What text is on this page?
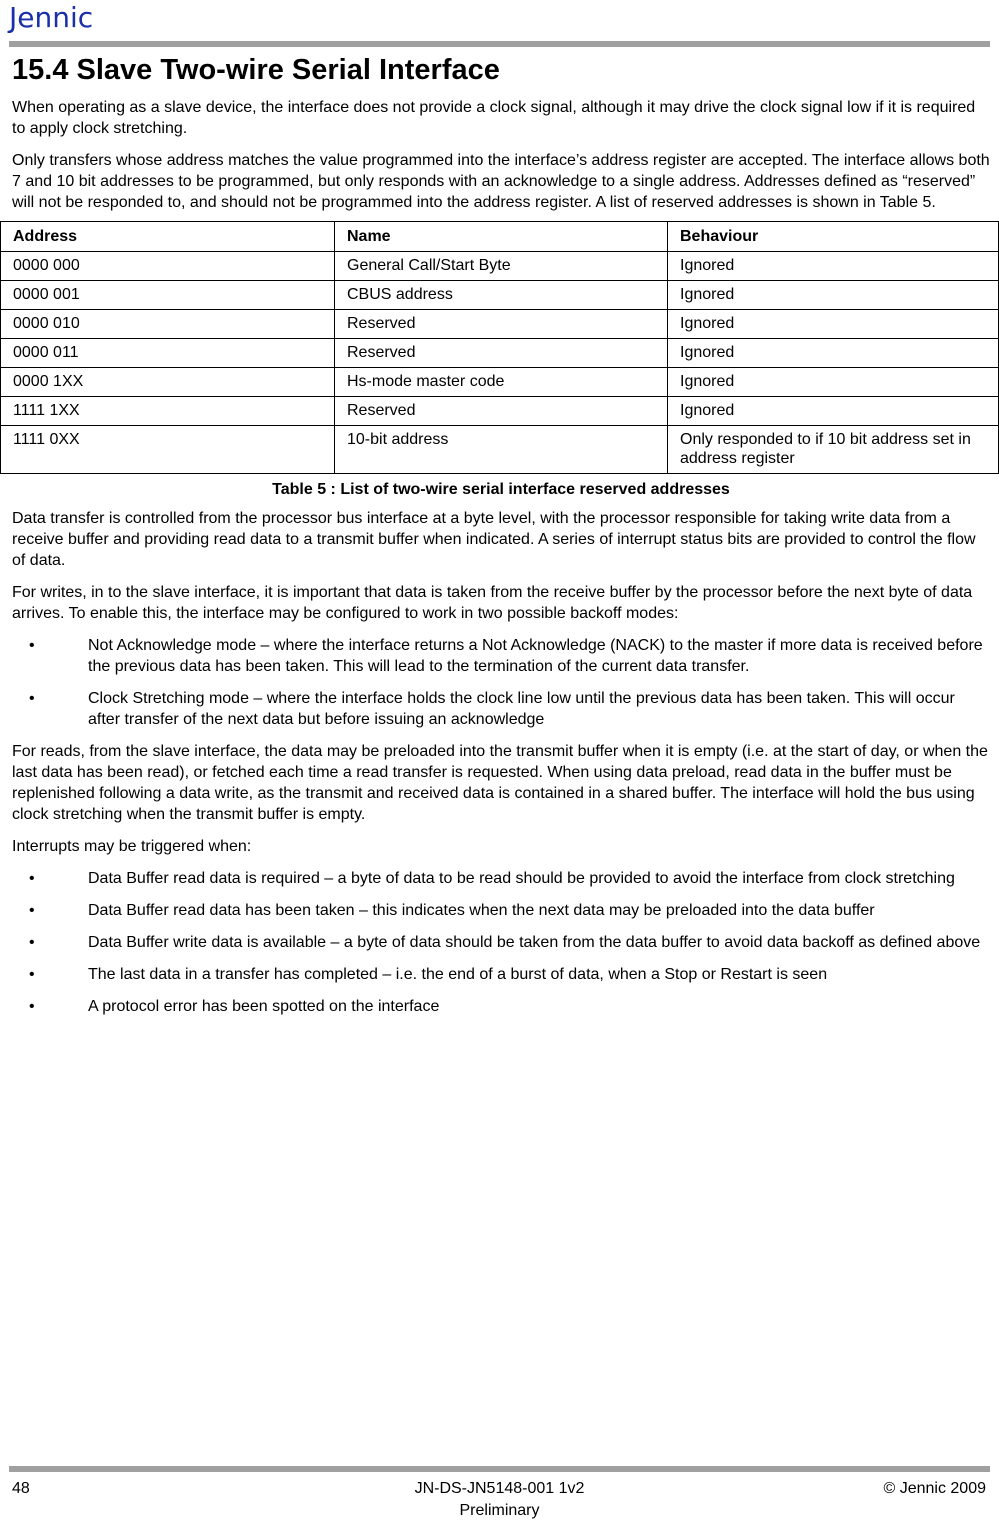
Jennic
15.4 Slave Two-wire Serial Interface

When operating as a slave device, the interface does not provide a clock signal, although it may drive the clock signal low if it is required to apply clock stretching.

Only transfers whose address matches the value programmed into the interface’s address register are accepted. The interface allows both 7 and 10 bit addresses to be programmed, but only responds with an acknowledge to a single address. Addresses defined as “reserved” will not be responded to, and should not be programmed into the address register. A list of reserved addresses is shown in Table 5.

Address	Name	Behaviour
0000 000	General Call/Start Byte	Ignored
0000 001	CBUS address	Ignored
0000 010	Reserved	Ignored
0000 011	Reserved	Ignored
0000 1XX	Hs-mode master code	Ignored
1111 1XX	Reserved	Ignored
1111 0XX	10-bit address	Only responded to if 10 bit address set in address register
Table 5 : List of two-wire serial interface reserved addresses

Data transfer is controlled from the processor bus interface at a byte level, with the processor responsible for taking write data from a receive buffer and providing read data to a transmit buffer when indicated. A series of interrupt status bits are provided to control the flow of data.

For writes, in to the slave interface, it is important that data is taken from the receive buffer by the processor before the next byte of data arrives. To enable this, the interface may be configured to work in two possible backoff modes:

•	Not Acknowledge mode – where the interface returns a Not Acknowledge (NACK) to the master if more data is received before the previous data has been taken. This will lead to the termination of the current data transfer.
•	Clock Stretching mode – where the interface holds the clock line low until the previous data has been taken. This will occur after transfer of the next data but before issuing an acknowledge

For reads, from the slave interface, the data may be preloaded into the transmit buffer when it is empty (i.e. at the start of day, or when the last data has been read), or fetched each time a read transfer is requested. When using data preload, read data in the buffer must be replenished following a data write, as the transmit and received data is contained in a shared buffer. The interface will hold the bus using clock stretching when the transmit buffer is empty.

Interrupts may be triggered when:

•	Data Buffer read data is required – a byte of data to be read should be provided to avoid the interface from clock stretching
•	Data Buffer read data has been taken – this indicates when the next data may be preloaded into the data buffer
•	Data Buffer write data is available – a byte of data should be taken from the data buffer to avoid data backoff as defined above
•	The last data in a transfer has completed – i.e. the end of a burst of data, when a Stop or Restart is seen
•	A protocol error has been spotted on the interface
48	JN-DS-JN5148-001 1v2
Preliminary
© Jennic 2009
